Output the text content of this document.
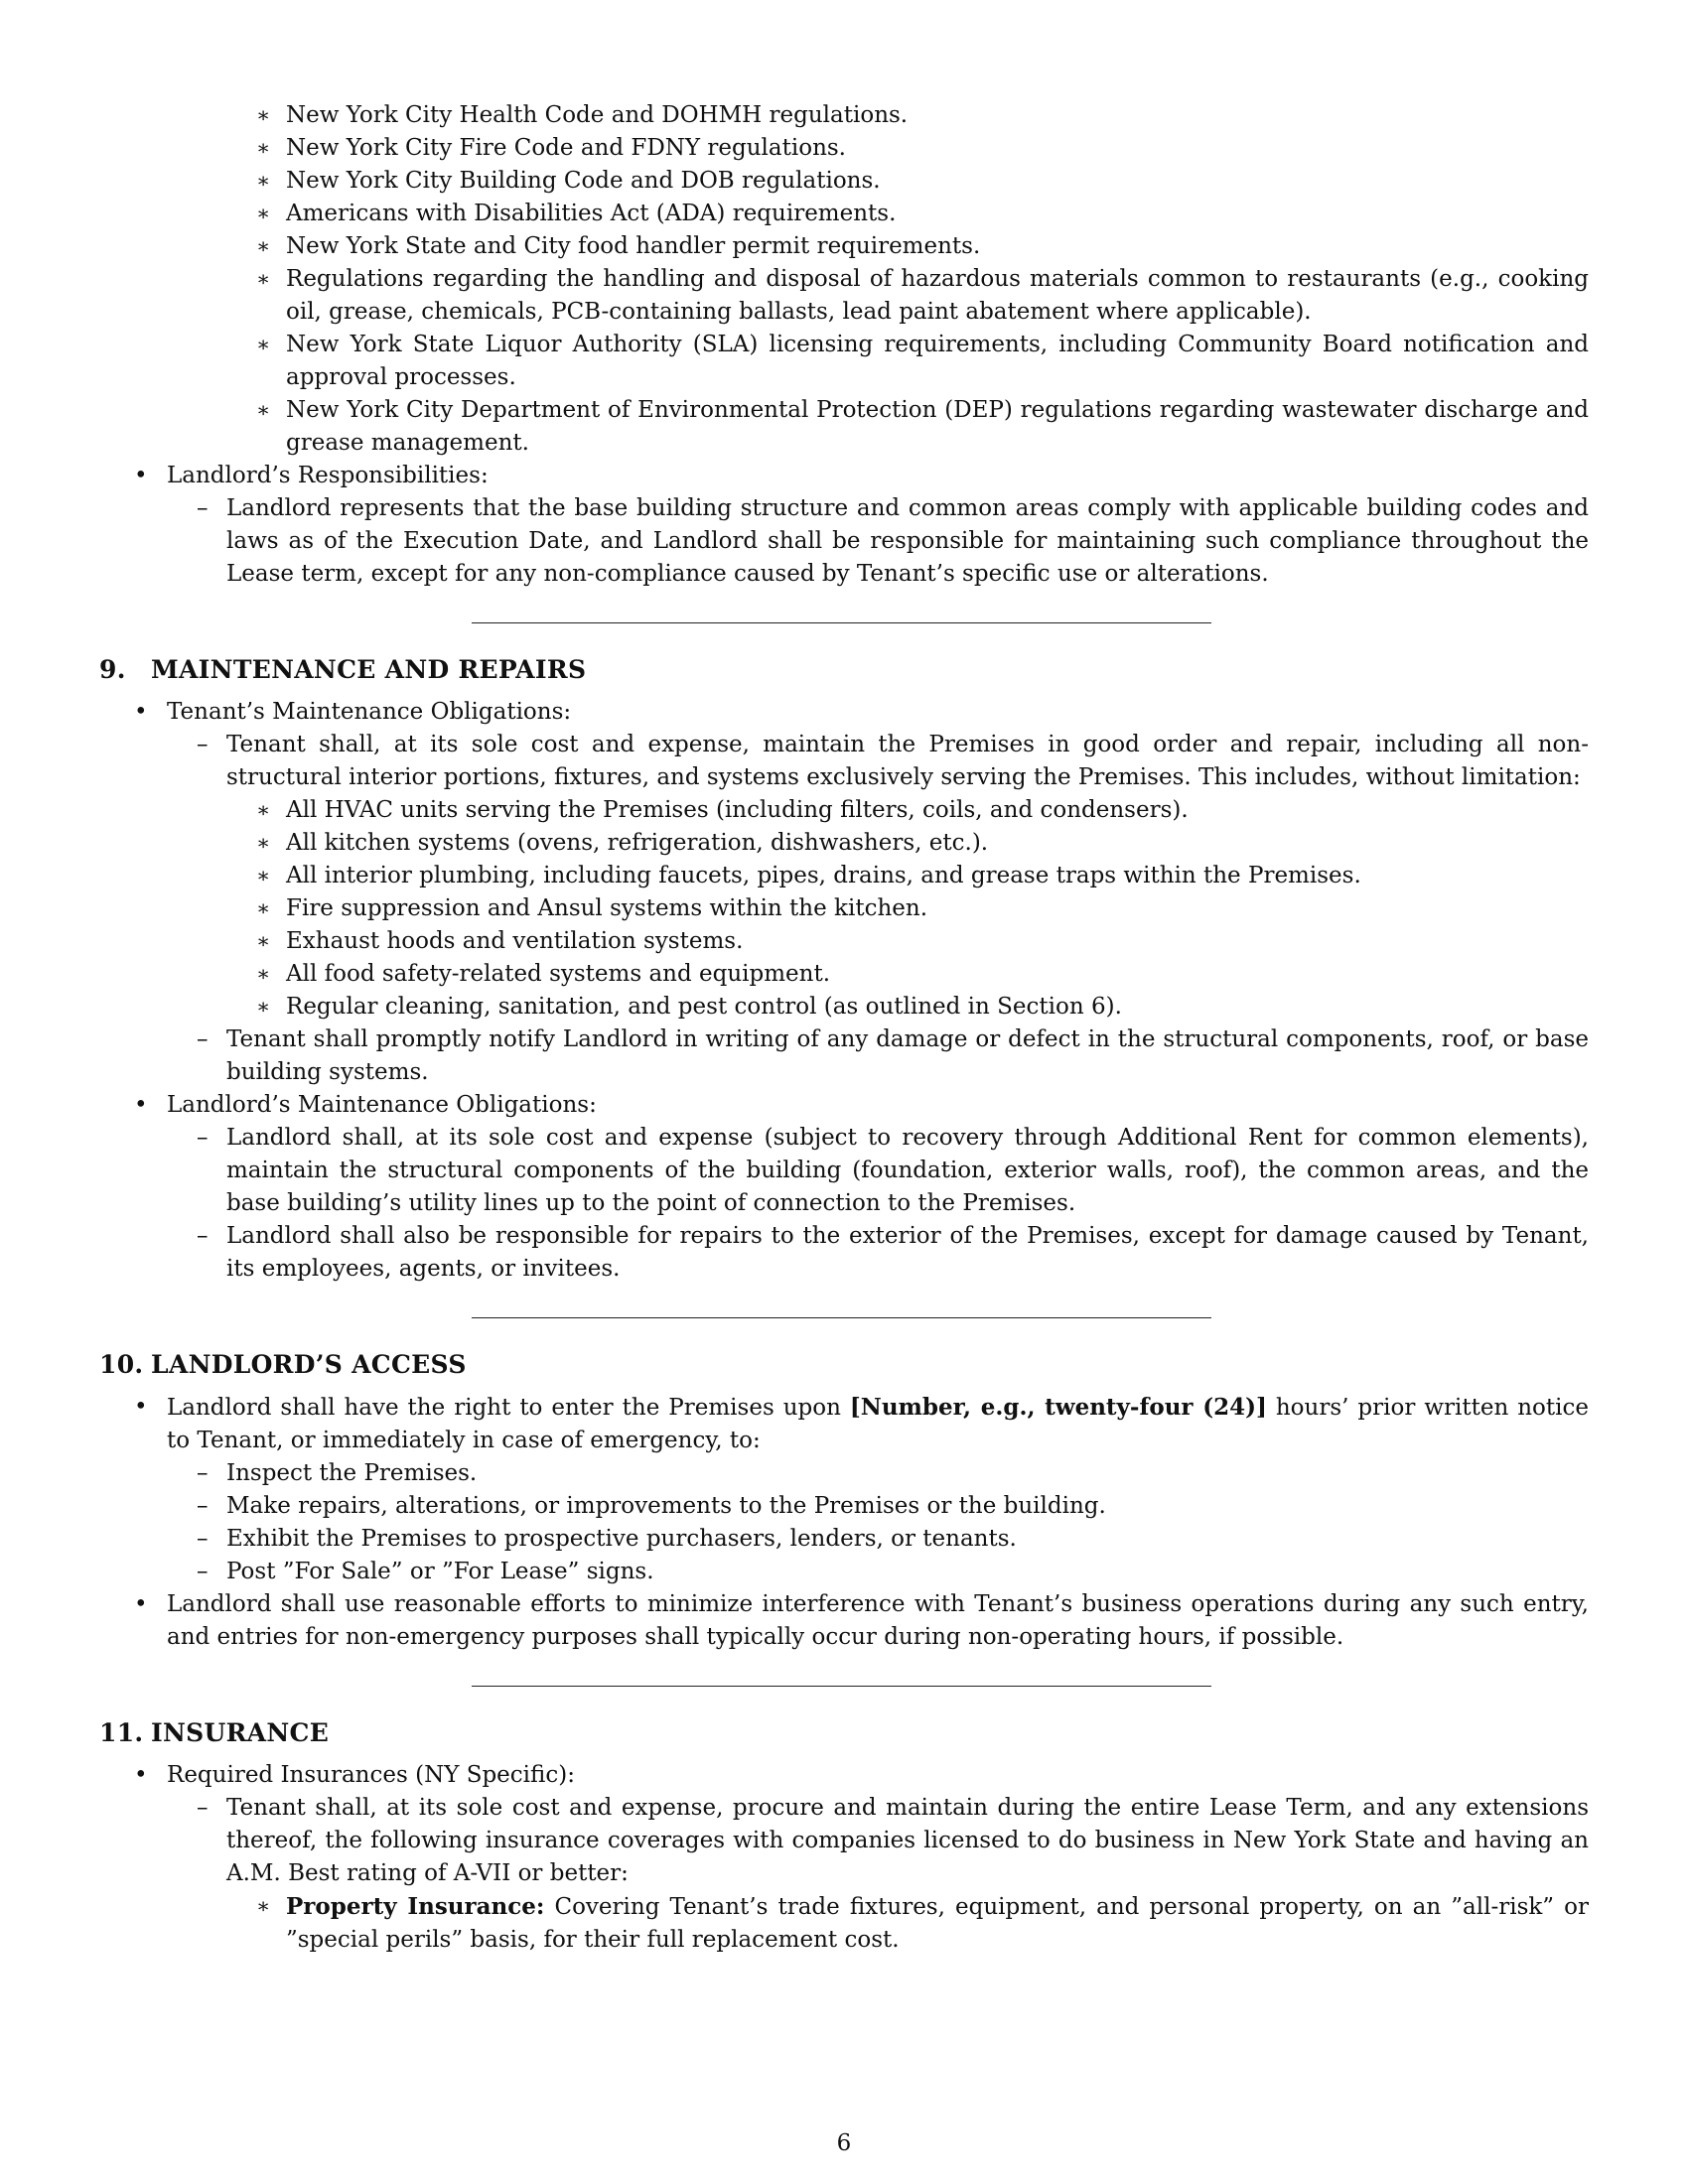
∗ New York City Health Code and DOHMH regulations.
∗ New York City Fire Code and FDNY regulations.
∗ New York City Building Code and DOB regulations.
∗ Americans with Disabilities Act (ADA) requirements.
∗ New York State and City food handler permit requirements.
∗ Regulations regarding the handling and disposal of hazardous materials common to restaurants (e.g., cooking oil, grease, chemicals, PCB-containing ballasts, lead paint abatement where applicable).
∗ New York State Liquor Authority (SLA) licensing requirements, including Community Board notification and approval processes.
∗ New York City Department of Environmental Protection (DEP) regulations regarding wastewater discharge and grease management.
• Landlord’s Responsibilities:
– Landlord represents that the base building structure and common areas comply with applicable building codes and laws as of the Execution Date, and Landlord shall be responsible for maintaining such compliance throughout the Lease term, except for any non-compliance caused by Tenant’s specific use or alterations.
9. MAINTENANCE AND REPAIRS
• Tenant’s Maintenance Obligations:
– Tenant shall, at its sole cost and expense, maintain the Premises in good order and repair, including all non-structural interior portions, fixtures, and systems exclusively serving the Premises. This includes, without limitation:
∗ All HVAC units serving the Premises (including filters, coils, and condensers).
∗ All kitchen systems (ovens, refrigeration, dishwashers, etc.).
∗ All interior plumbing, including faucets, pipes, drains, and grease traps within the Premises.
∗ Fire suppression and Ansul systems within the kitchen.
∗ Exhaust hoods and ventilation systems.
∗ All food safety-related systems and equipment.
∗ Regular cleaning, sanitation, and pest control (as outlined in Section 6).
– Tenant shall promptly notify Landlord in writing of any damage or defect in the structural components, roof, or base building systems.
• Landlord’s Maintenance Obligations:
– Landlord shall, at its sole cost and expense (subject to recovery through Additional Rent for common elements), maintain the structural components of the building (foundation, exterior walls, roof), the common areas, and the base building’s utility lines up to the point of connection to the Premises.
– Landlord shall also be responsible for repairs to the exterior of the Premises, except for damage caused by Tenant, its employees, agents, or invitees.
10. LANDLORD’S ACCESS
• Landlord shall have the right to enter the Premises upon [Number, e.g., twenty-four (24)] hours’ prior written notice to Tenant, or immediately in case of emergency, to:
– Inspect the Premises.
– Make repairs, alterations, or improvements to the Premises or the building.
– Exhibit the Premises to prospective purchasers, lenders, or tenants.
– Post ”For Sale” or ”For Lease” signs.
• Landlord shall use reasonable efforts to minimize interference with Tenant’s business operations during any such entry, and entries for non-emergency purposes shall typically occur during non-operating hours, if possible.
11. INSURANCE
• Required Insurances (NY Specific):
– Tenant shall, at its sole cost and expense, procure and maintain during the entire Lease Term, and any extensions thereof, the following insurance coverages with companies licensed to do business in New York State and having an A.M. Best rating of A-VII or better:
∗ Property Insurance: Covering Tenant’s trade fixtures, equipment, and personal property, on an ”all-risk” or ”special perils” basis, for their full replacement cost.
6
